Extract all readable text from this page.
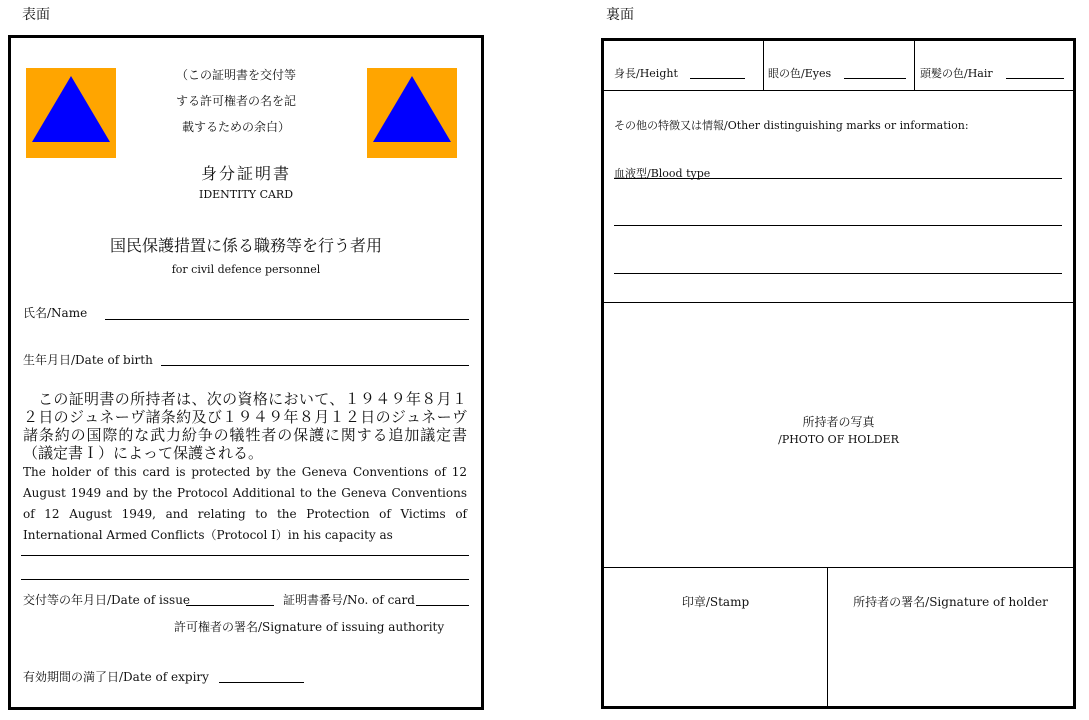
表面	裏面
（この証明書を交付等
する許可権者の名を記
載するための余白）
身分証明書
IDENTITY CARD
国民保護措置に係る職務等を行う者用
for civil defence personnel
氏名/Name
生年月日/Date of birth
この証明書の所持者は、次の資格において、１９４９年８月１２日のジュネーヴ諸条約及び１９４９年８月１２日のジュネーヴ諸条約の国際的な武力紛争の犠牲者の保護に関する追加議定書（議定書Ｉ）によって保護される。
The holder of this card is protected by the Geneva Conventions of 12 August 1949 and by the Protocol Additional to the Geneva Conventions of 12 August 1949, and relating to the Protection of Victims of International Armed Conflicts（Protocol I）in his capacity as
交付等の年月日/Date of issue	証明書番号/No. of card
許可権者の署名/Signature of issuing authority
有効期間の満了日/Date of expiry
身長/Height	眼の色/Eyes	頭髪の色/Hair
その他の特徴又は情報/Other distinguishing marks or information:
血液型/Blood type
所持者の写真
/PHOTO OF HOLDER
印章/Stamp	所持者の署名/Signature of holder
